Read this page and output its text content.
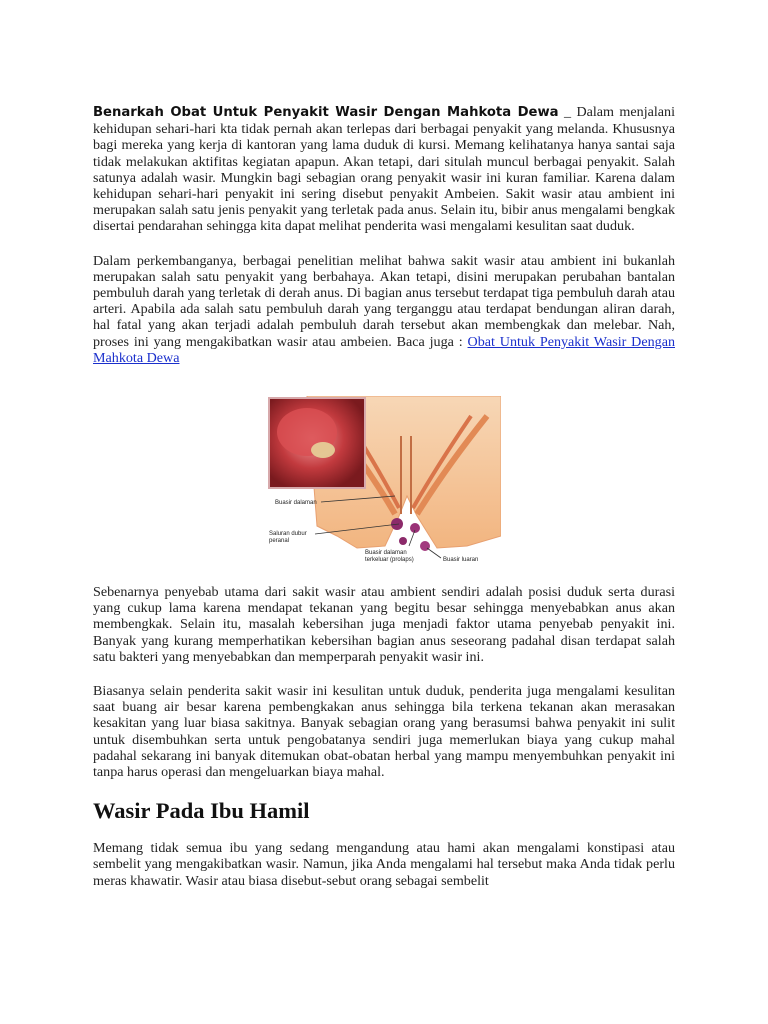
Benarkah Obat Untuk Penyakit Wasir Dengan Mahkota Dewa _ Dalam menjalani kehidupan sehari-hari kta tidak pernah akan terlepas dari berbagai penyakit yang melanda. Khususnya bagi mereka yang kerja di kantoran yang lama duduk di kursi. Memang kelihatanya hanya santai saja tidak melakukan aktifitas kegiatan apapun. Akan tetapi, dari situlah muncul berbagai penyakit. Salah satunya adalah wasir. Mungkin bagi sebagian orang penyakit wasir ini kuran familiar. Karena dalam kehidupan sehari-hari penyakit ini sering disebut penyakit Ambeien. Sakit wasir atau ambient ini merupakan salah satu jenis penyakit yang terletak pada anus. Selain itu, bibir anus mengalami bengkak disertai pendarahan sehingga kita dapat melihat penderita wasi mengalami kesulitan saat duduk.

Dalam perkembanganya, berbagai penelitian melihat bahwa sakit wasir atau ambient ini bukanlah merupakan salah satu penyakit yang berbahaya. Akan tetapi, disini merupakan perubahan bantalan pembuluh darah yang terletak di derah anus. Di bagian anus tersebut terdapat tiga pembuluh darah atau arteri. Apabila ada salah satu pembuluh darah yang terganggu atau terdapat bendungan aliran darah, hal fatal yang akan terjadi adalah pembuluh darah tersebut akan membengkak dan melebar. Nah, proses ini yang mengakibatkan wasir atau ambeien. Baca juga : Obat Untuk Penyakit Wasir Dengan Mahkota Dewa

Buasir dalaman
Saluran dubur
peranal
Buasir dalaman
terkeluar (prolaps)	Buasir luaran

Sebenarnya penyebab utama dari sakit wasir atau ambient sendiri adalah posisi duduk serta durasi yang cukup lama karena mendapat tekanan yang begitu besar sehingga menyebabkan anus akan membengkak. Selain itu, masalah kebersihan juga menjadi faktor utama penyebab penyakit ini. Banyak yang kurang memperhatikan kebersihan bagian anus seseorang padahal disan terdapat salah satu bakteri yang menyebabkan dan memperparah penyakit wasir ini.

Biasanya selain penderita sakit wasir ini kesulitan untuk duduk, penderita juga mengalami kesulitan saat buang air besar karena pembengkakan anus sehingga bila terkena tekanan akan merasakan kesakitan yang luar biasa sakitnya. Banyak sebagian orang yang berasumsi bahwa penyakit ini sulit untuk disembuhkan serta untuk pengobatanya sendiri juga memerlukan biaya yang cukup mahal padahal sekarang ini banyak ditemukan obat-obatan herbal yang mampu menyembuhkan penyakit ini tanpa harus operasi dan mengeluarkan biaya mahal.

Wasir Pada Ibu Hamil

Memang tidak semua ibu yang sedang mengandung atau hami akan mengalami konstipasi atau sembelit yang mengakibatkan wasir. Namun, jika Anda mengalami hal tersebut maka Anda tidak perlu meras khawatir. Wasir atau biasa disebut-sebut orang sebagai sembelit
